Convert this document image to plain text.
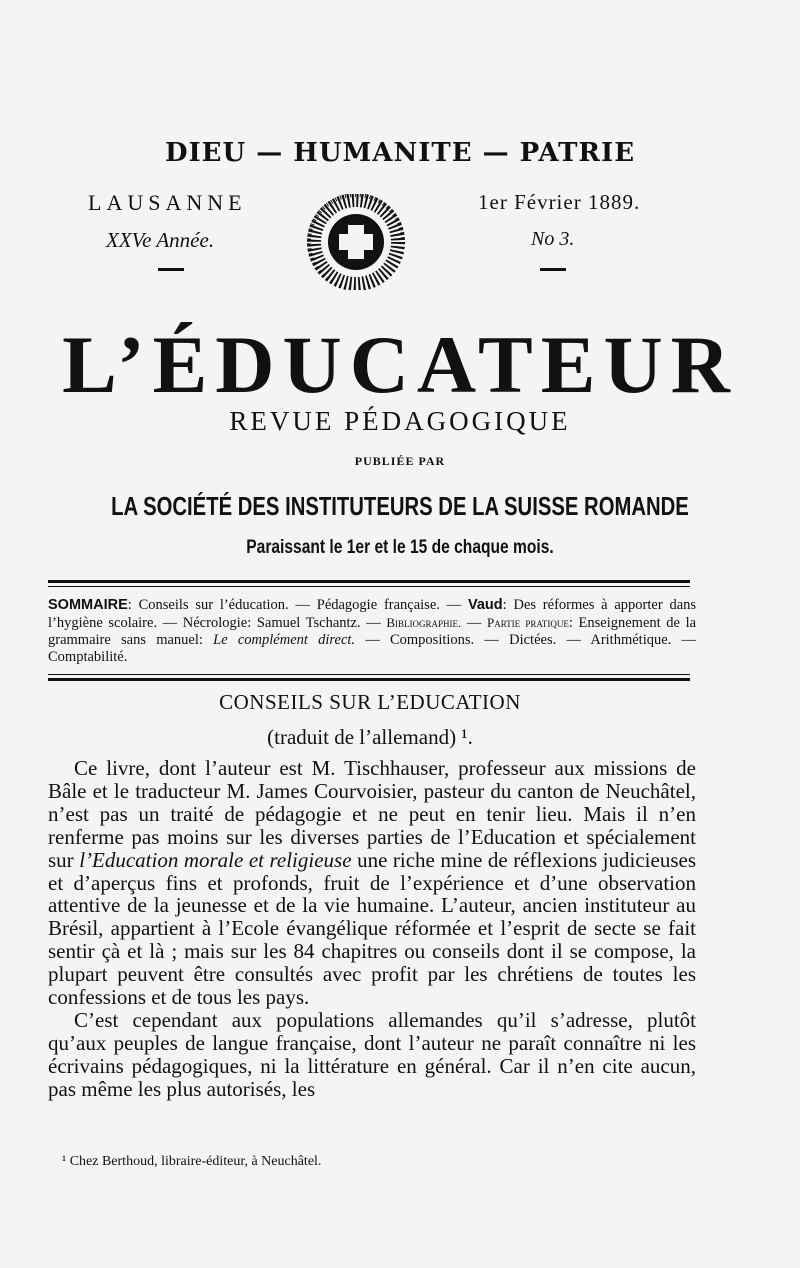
DIEU — HUMANITE — PATRIE
LAUSANNE
XXVe Année.
1er Février 1889.
No 3.
L’ÉDUCATEUR
REVUE PÉDAGOGIQUE
PUBLIÉE PAR
LA SOCIÉTÉ DES INSTITUTEURS DE LA SUISSE ROMANDE
Paraissant le 1er et le 15 de chaque mois.
SOMMAIRE: Conseils sur l’éducation. — Pédagogie française. — Vaud: Des réformes à apporter dans l’hygiène scolaire. — Nécrologie: Samuel Tschantz. — Bibliographie. — Partie pratique: Enseignement de la grammaire sans manuel: Le complément direct. — Compositions. — Dictées. — Arithmétique. — Comptabilité.
CONSEILS SUR L’EDUCATION
(traduit de l’allemand) ¹.

Ce livre, dont l’auteur est M. Tischhauser, professeur aux missions de Bâle et le traducteur M. James Courvoisier, pasteur du canton de Neuchâtel, n’est pas un traité de pédagogie et ne peut en tenir lieu. Mais il n’en renferme pas moins sur les diverses parties de l’Education et spécialement sur l’Education morale et religieuse une riche mine de réflexions judicieuses et d’aperçus fins et profonds, fruit de l’expérience et d’une observation attentive de la jeunesse et de la vie humaine. L’auteur, ancien instituteur au Brésil, appartient à l’Ecole évangélique réformée et l’esprit de secte se fait sentir çà et là ; mais sur les 84 chapitres ou conseils dont il se compose, la plupart peuvent être consultés avec profit par les chrétiens de toutes les confessions et de tous les pays.

C’est cependant aux populations allemandes qu’il s’adresse, plutôt qu’aux peuples de langue française, dont l’auteur ne paraît connaître ni les écrivains pédagogiques, ni la littérature en général. Car il n’en cite aucun, pas même les plus autorisés, les

¹ Chez Berthoud, libraire-éditeur, à Neuchâtel.
